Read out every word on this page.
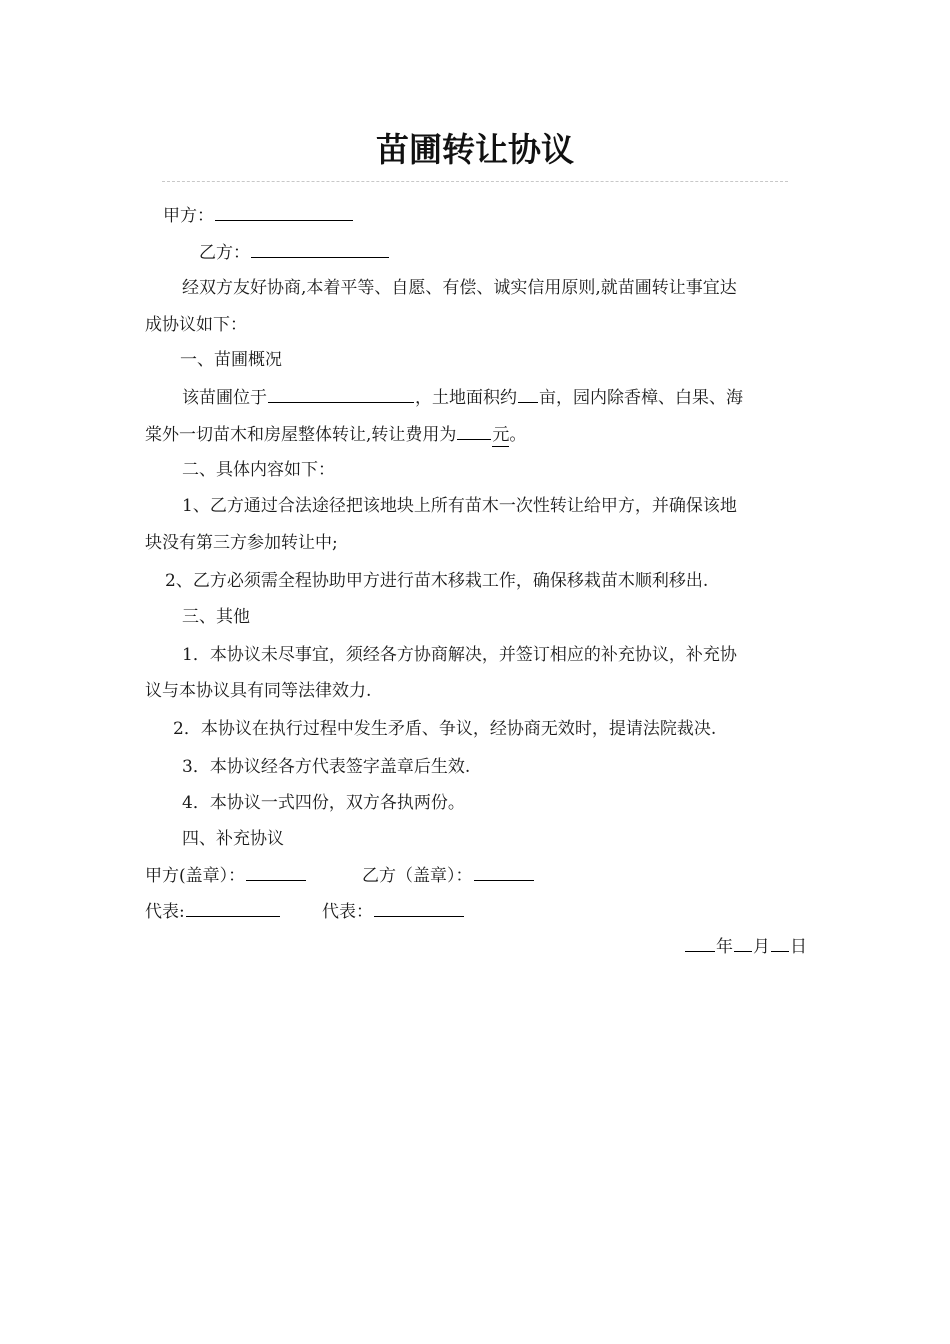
苗圃转让协议
甲方：
乙方：
经双方友好协商,本着平等、自愿、有偿、诚实信用原则,就苗圃转让事宜达
成协议如下：
一、苗圃概况
该苗圃位于	，土地面积约 亩，园内除香樟、白果、海
棠外一切苗木和房屋整体转让,转让费用为 元。
二、具体内容如下：
1、乙方通过合法途径把该地块上所有苗木一次性转让给甲方，并确保该地
块没有第三方参加转让中;
2、乙方必须需全程协助甲方进行苗木移栽工作，确保移栽苗木顺利移出.
三、其他
1．本协议未尽事宜，须经各方协商解决，并签订相应的补充协议，补充协
议与本协议具有同等法律效力.
2．本协议在执行过程中发生矛盾、争议，经协商无效时，提请法院裁决.
3．本协议经各方代表签字盖章后生效.
4．本协议一式四份，双方各执两份。
四、补充协议
甲方(盖章）：	乙方（盖章）：
代表:	代表：
年 月 日
